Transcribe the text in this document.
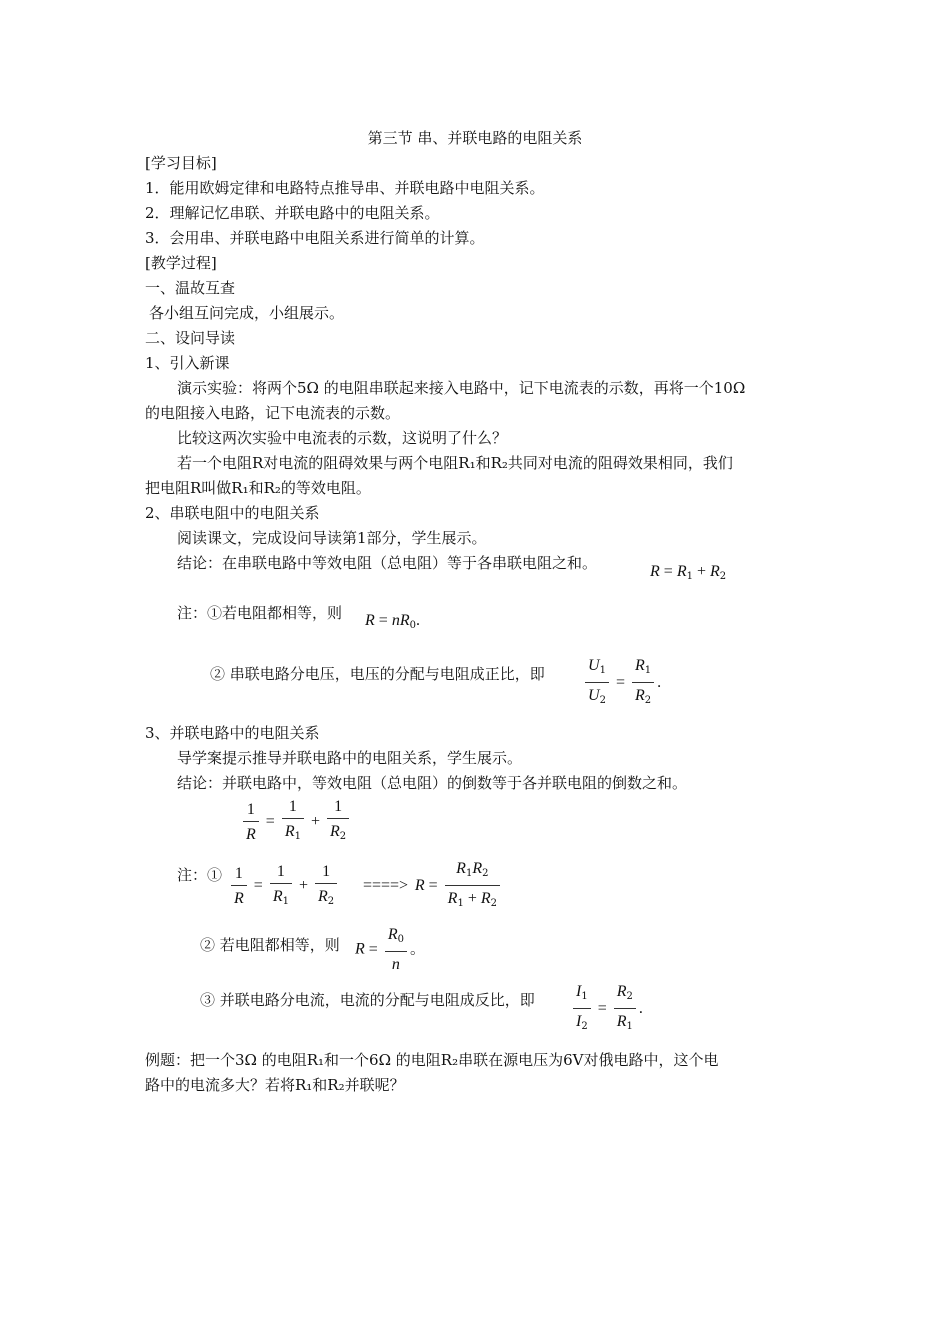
第三节 串、并联电路的电阻关系
[学习目标]
1．能用欧姆定律和电路特点推导串、并联电路中电阻关系。
2．理解记忆串联、并联电路中的电阻关系。
3．会用串、并联电路中电阻关系进行简单的计算。
[教学过程]
一、温故互查
各小组互问完成，小组展示。
二、设问导读
1、引入新课
演示实验：将两个5Ω 的电阻串联起来接入电路中，记下电流表的示数，再将一个10Ω
的电阻接入电路，记下电流表的示数。
比较这两次实验中电流表的示数，这说明了什么？
若一个电阻R对电流的阻碍效果与两个电阻R₁和R₂共同对电流的阻碍效果相同，我们
把电阻R叫做R₁和R₂的等效电阻。
2、串联电阻中的电阻关系
阅读课文，完成设问导读第1部分，学生展示。
结论：在串联电路中等效电阻（总电阻）等于各串联电阻之和。	$R = R_1 + R_2$
注：①若电阻都相等，则 $R = nR_0$.
② 串联电路分电压，电压的分配与电阻成正比，即	$\frac{U_1}{U_2} = \frac{R_1}{R_2}$ .
3、并联电路中的电阻关系
导学案提示推导并联电路中的电阻关系，学生展示。
结论：并联电路中，等效电阻（总电阻）的倒数等于各并联电阻的倒数之和。
$\frac{1}{R} = \frac{1}{R_1} + \frac{1}{R_2}$
注：① $\frac{1}{R} = \frac{1}{R_1} + \frac{1}{R_2}$ ====> $R = \frac{R_1R_2}{R_1 + R_2}$
② 若电阻都相等，则 $R = \frac{R_0}{n}$ 。
③ 并联电路分电流，电流的分配与电阻成反比，即 $\frac{I_1}{I_2} = \frac{R_2}{R_1}$ .
例题：把一个3Ω 的电阻R₁和一个6Ω 的电阻R₂串联在源电压为6V对俄电路中，这个电
路中的电流多大？若将R₁和R₂并联呢？
